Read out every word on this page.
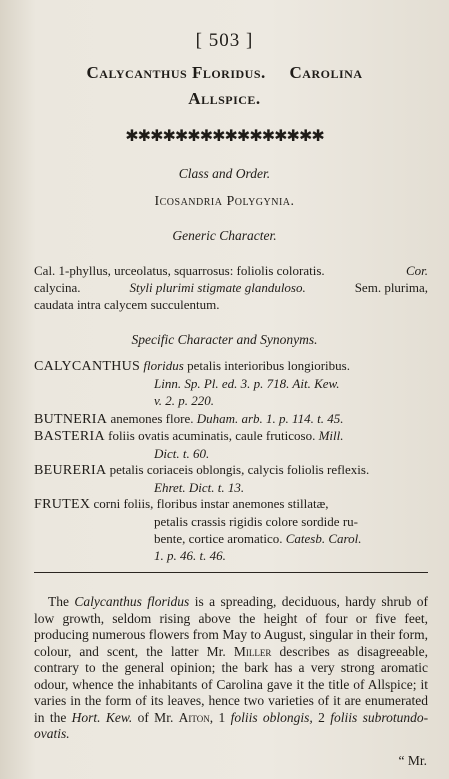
[ 503 ]
Calycanthus Floridus. Carolina
Allspice.
✱✱✱✱✱✱✱✱✱✱✱✱✱✱✱✱
Class and Order.
Icosandria Polygynia.
Generic Character.
Cal. 1-phyllus, urceolatus, squarrosus: foliolis coloratis.	Cor.
calycina.	Styli plurimi stigmate glanduloso.	Sem. plurima,
caudata intra calycem succulentum.
Specific Character and Synonyms.
CALYCANTHUS floridus petalis interioribus longioribus.
Linn. Sp. Pl. ed. 3. p. 718. Ait. Kew.
v. 2. p. 220.
BUTNERIA anemones flore. Duham. arb. 1. p. 114. t. 45.
BASTERIA foliis ovatis acuminatis, caule fruticoso. Mill.
Dict. t. 60.
BEURERIA petalis coriaceis oblongis, calycis foliolis reflexis.
Ehret. Dict. t. 13.
FRUTEX corni foliis, floribus instar anemones stillatæ,
petalis crassis rigidis colore sordide ru-
bente, cortice aromatico. Catesb. Carol.
1. p. 46. t. 46.
The Calycanthus floridus is a spreading, deciduous, hardy shrub of low growth, seldom rising above the height of four or five feet, producing numerous flowers from May to August, singular in their form, colour, and scent, the latter Mr. Miller describes as disagreeable, contrary to the general opinion; the bark has a very strong aromatic odour, whence the inhabitants of Carolina gave it the title of Allspice; it varies in the form of its leaves, hence two varieties of it are enumerated in the Hort. Kew. of Mr. Aiton, 1 foliis oblongis, 2 foliis subrotundo-ovatis.
“ Mr.
